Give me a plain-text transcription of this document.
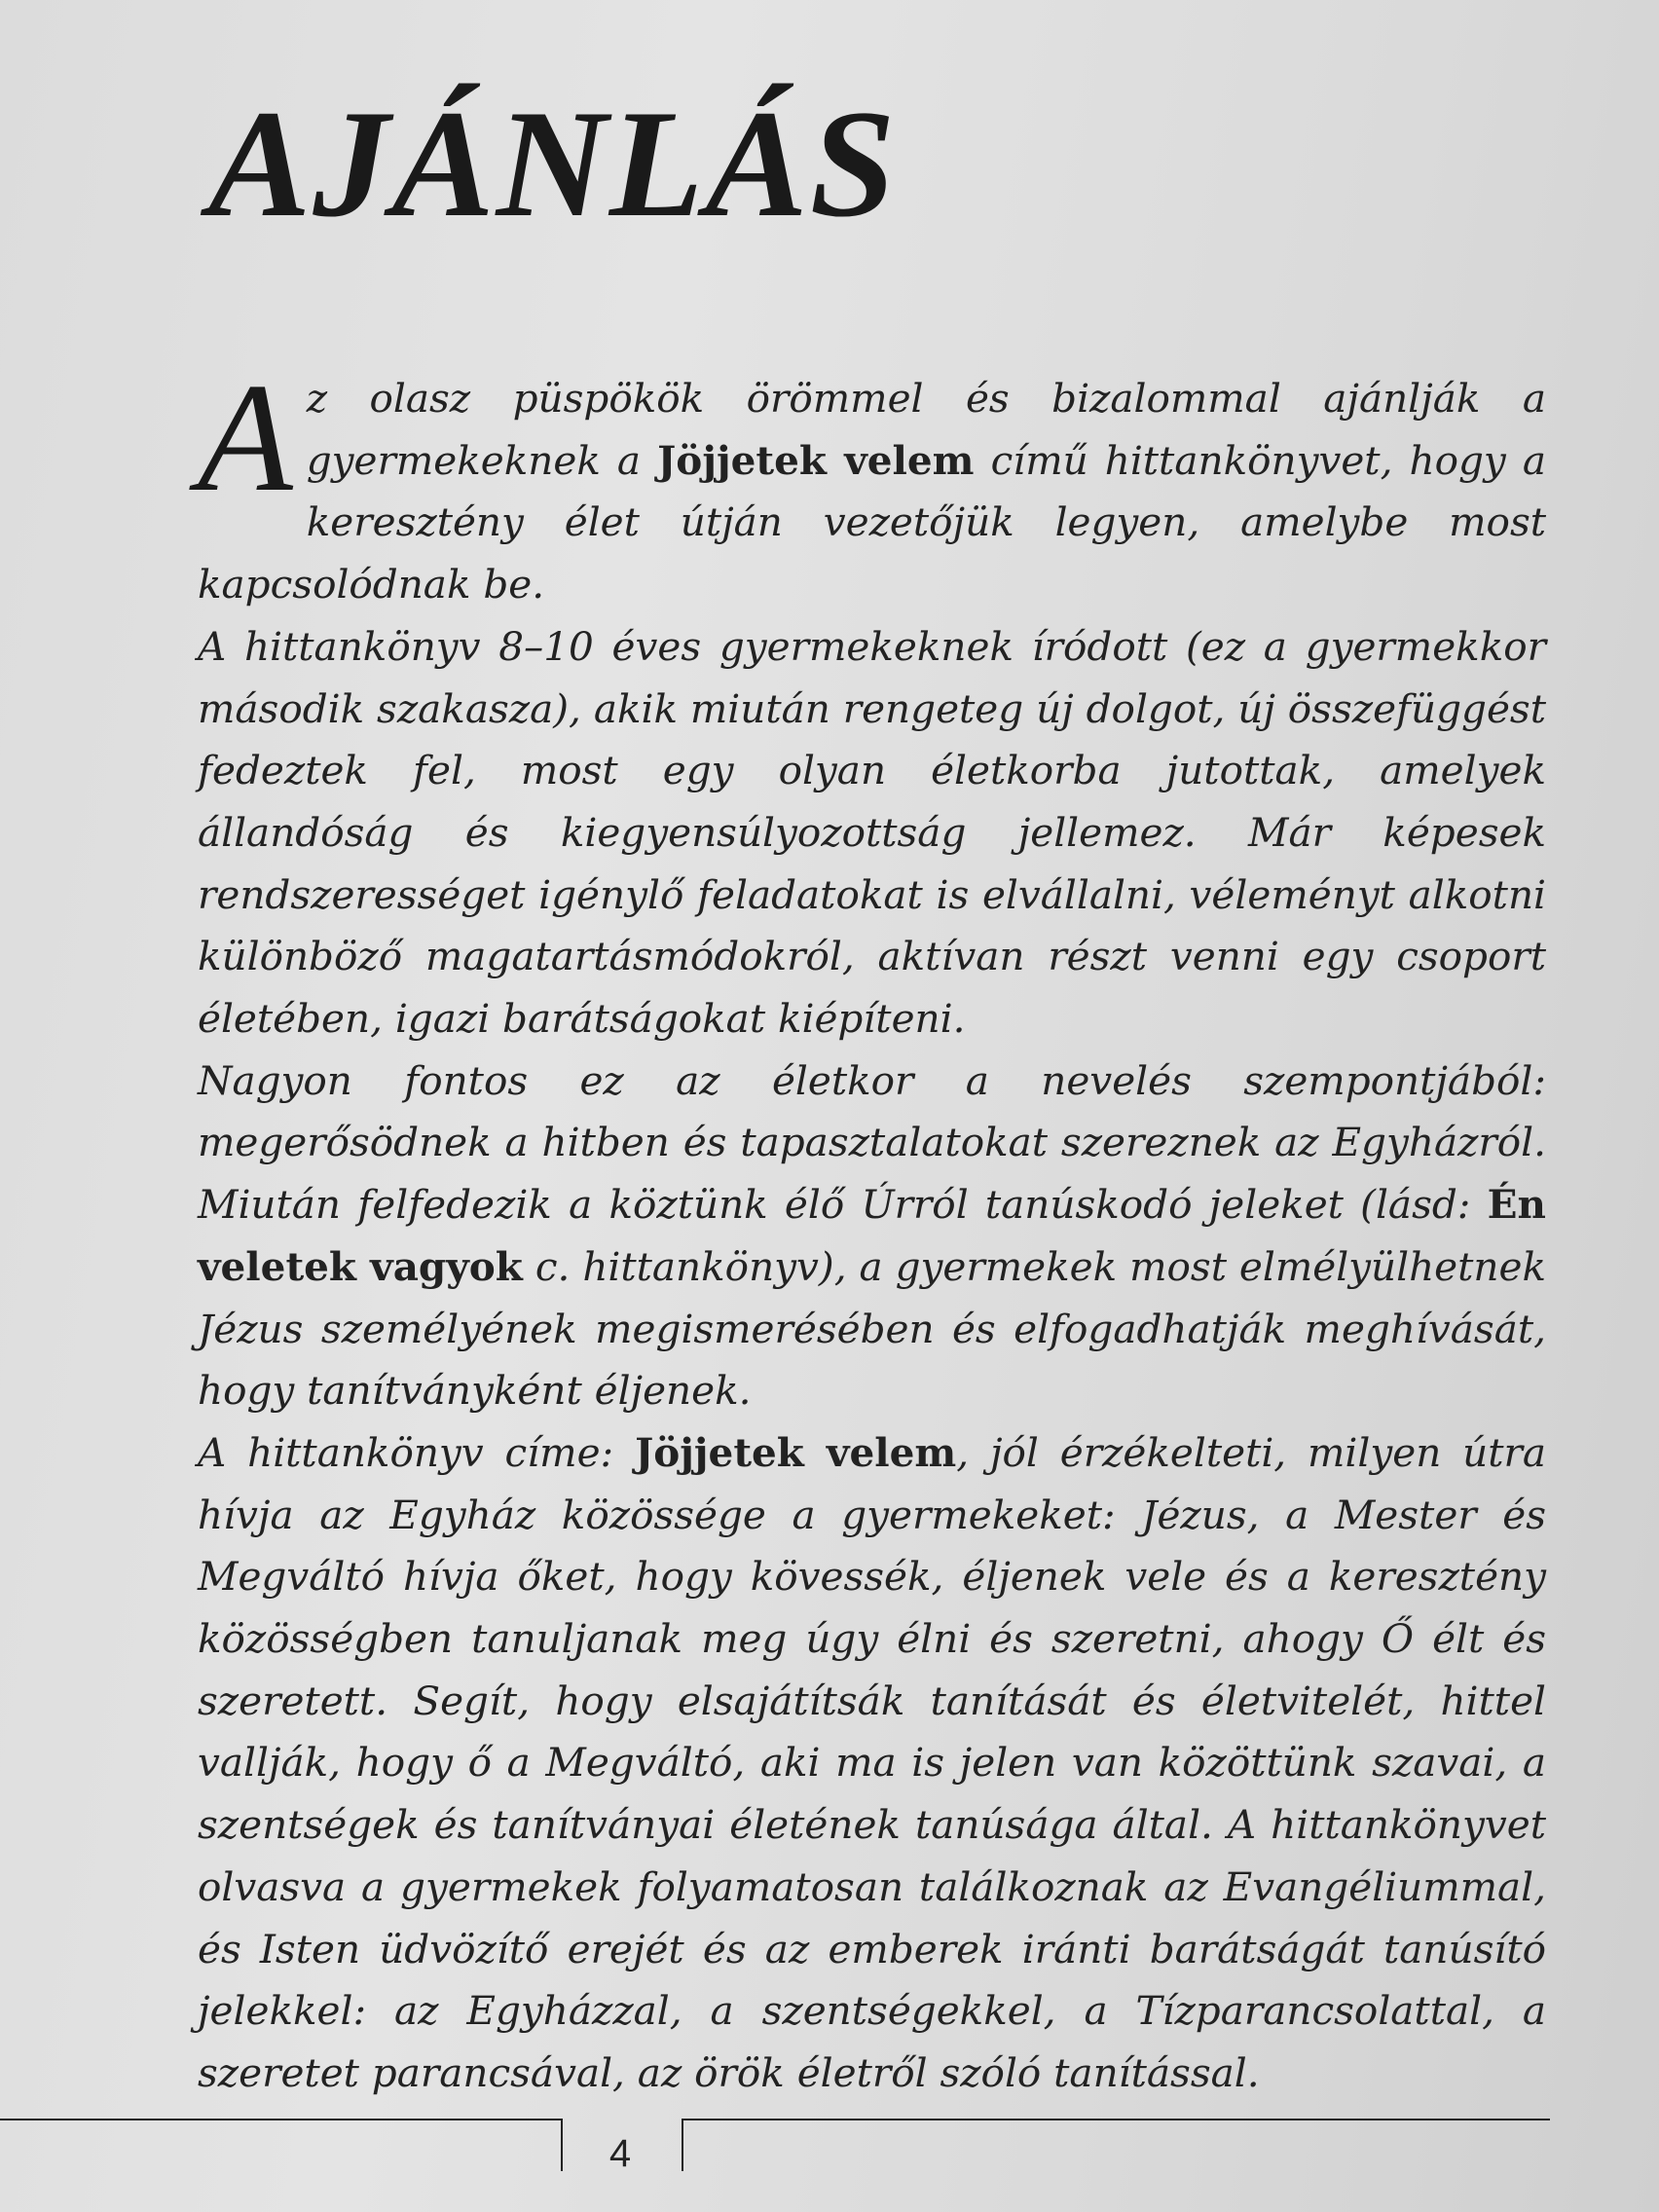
AJÁNLÁS

Az olasz püspökök örömmel és bizalommal ajánlják a gyermekeknek a Jöjjetek velem című hittankönyvet, hogy a keresztény élet útján vezetőjük legyen, amelybe most kapcsolódnak be.

A hittankönyv 8–10 éves gyermekeknek íródott (ez a gyermekkor második szakasza), akik miután rengeteg új dolgot, új összefüggést fedeztek fel, most egy olyan életkorba jutottak, amelyek állandóság és kiegyensúlyozottság jellemez. Már képesek rendszerességet igénylő feladatokat is elvállalni, véleményt alkotni különböző magatartásmódokról, aktívan részt venni egy csoport életében, igazi barátságokat kiépíteni.

Nagyon fontos ez az életkor a nevelés szempontjából: megerősödnek a hitben és tapasztalatokat szereznek az Egyházról. Miután felfedezik a köztünk élő Úrról tanúskodó jeleket (lásd: Én veletek vagyok c. hittankönyv), a gyermekek most elmélyülhetnek Jézus személyének megismerésében és elfogadhatják meghívását, hogy tanítványként éljenek.

A hittankönyv címe: Jöjjetek velem, jól érzékelteti, milyen útra hívja az Egyház közössége a gyermekeket: Jézus, a Mester és Megváltó hívja őket, hogy kövessék, éljenek vele és a keresztény közösségben tanuljanak meg úgy élni és szeretni, ahogy Ő élt és szeretett. Segít, hogy elsajátítsák tanítását és életvitelét, hittel vallják, hogy ő a Megváltó, aki ma is jelen van közöttünk szavai, a szentségek és tanítványai életének tanúsága által. A hittankönyvet olvasva a gyermekek folyamatosan találkoznak az Evangéliummal, és Isten üdvözítő erejét és az emberek iránti barátságát tanúsító jelekkel: az Egyházzal, a szentségekkel, a Tízparancsolattal, a szeretet parancsával, az örök életről szóló tanítással.

4
